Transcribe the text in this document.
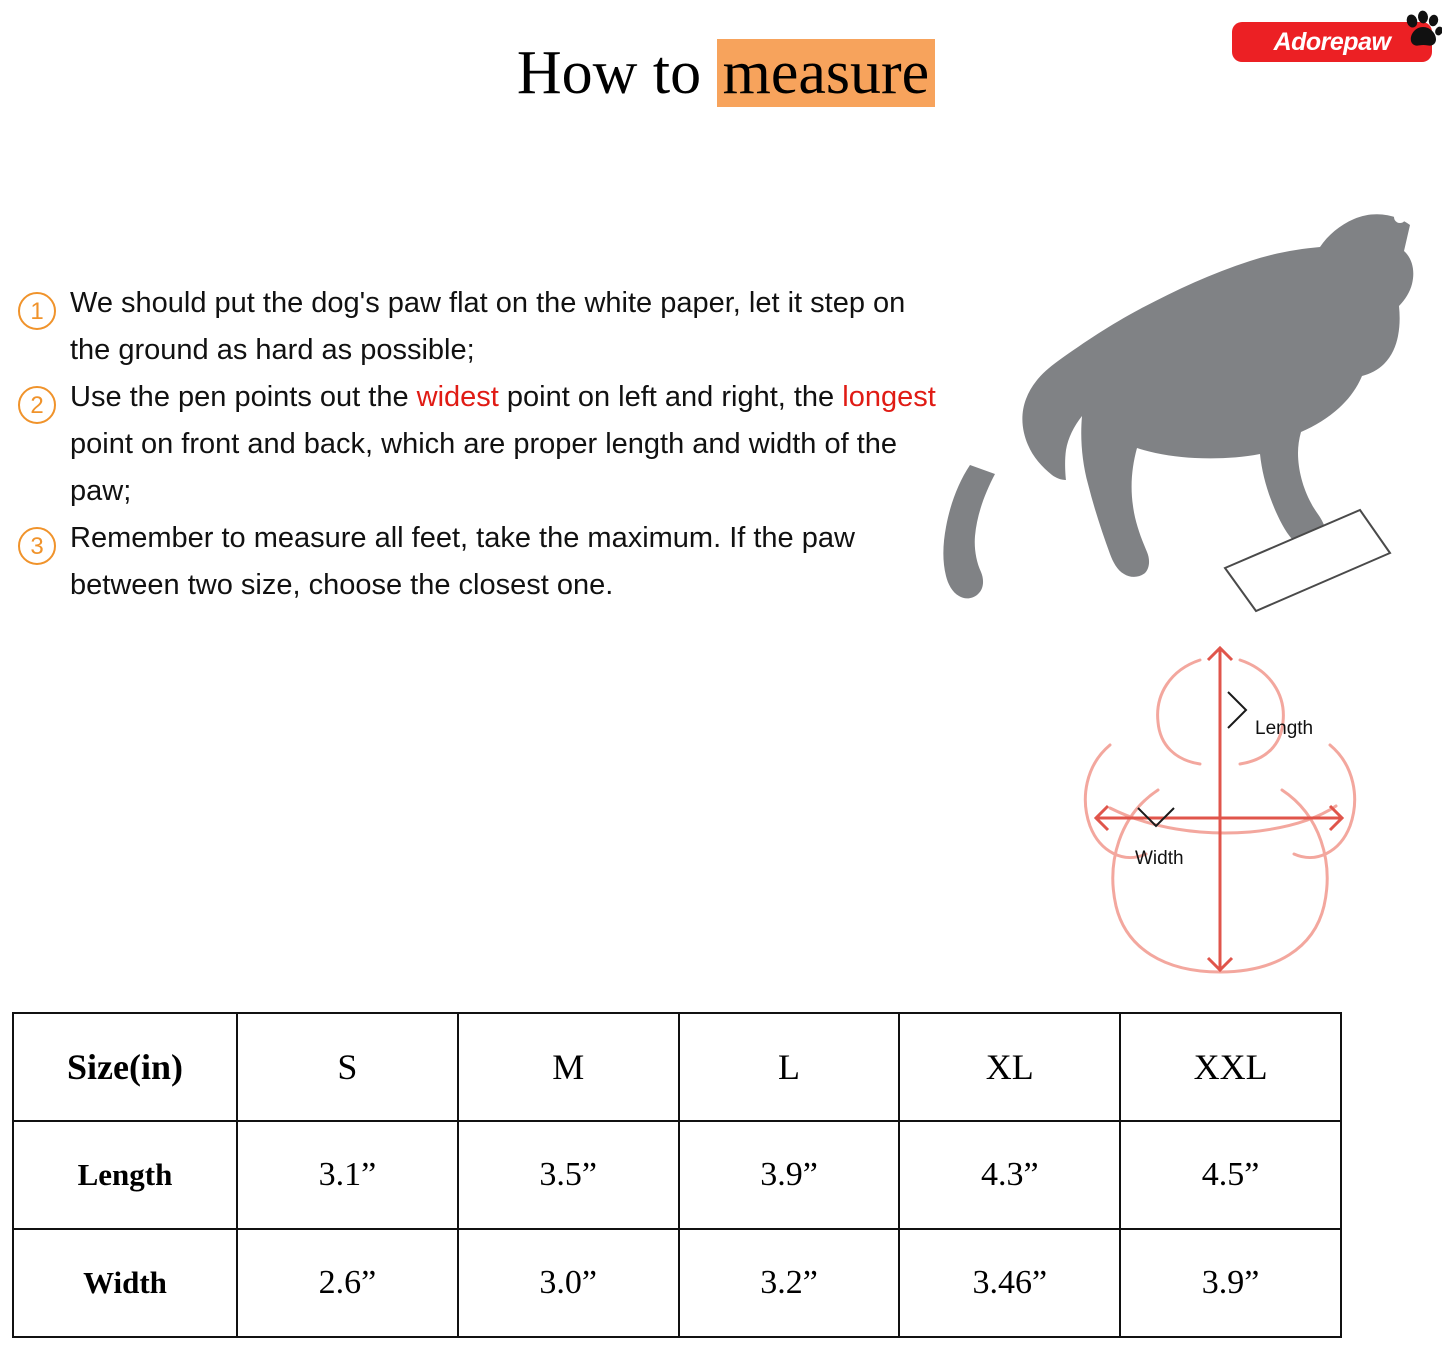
Adorepaw
How to measure
1 We should put the dog's paw flat on the white paper, let it step on the ground as hard as possible;
2 Use the pen points out the widest point on left and right, the longest point on front and back, which are proper length and width of the paw;
3 Remember to measure all feet, take the maximum. If the paw between two size, choose the closest one.
Length
Width
Size(in)	S	M	L	XL	XXL
Length	3.1”	3.5”	3.9”	4.3”	4.5”
Width	2.6”	3.0”	3.2”	3.46”	3.9”
